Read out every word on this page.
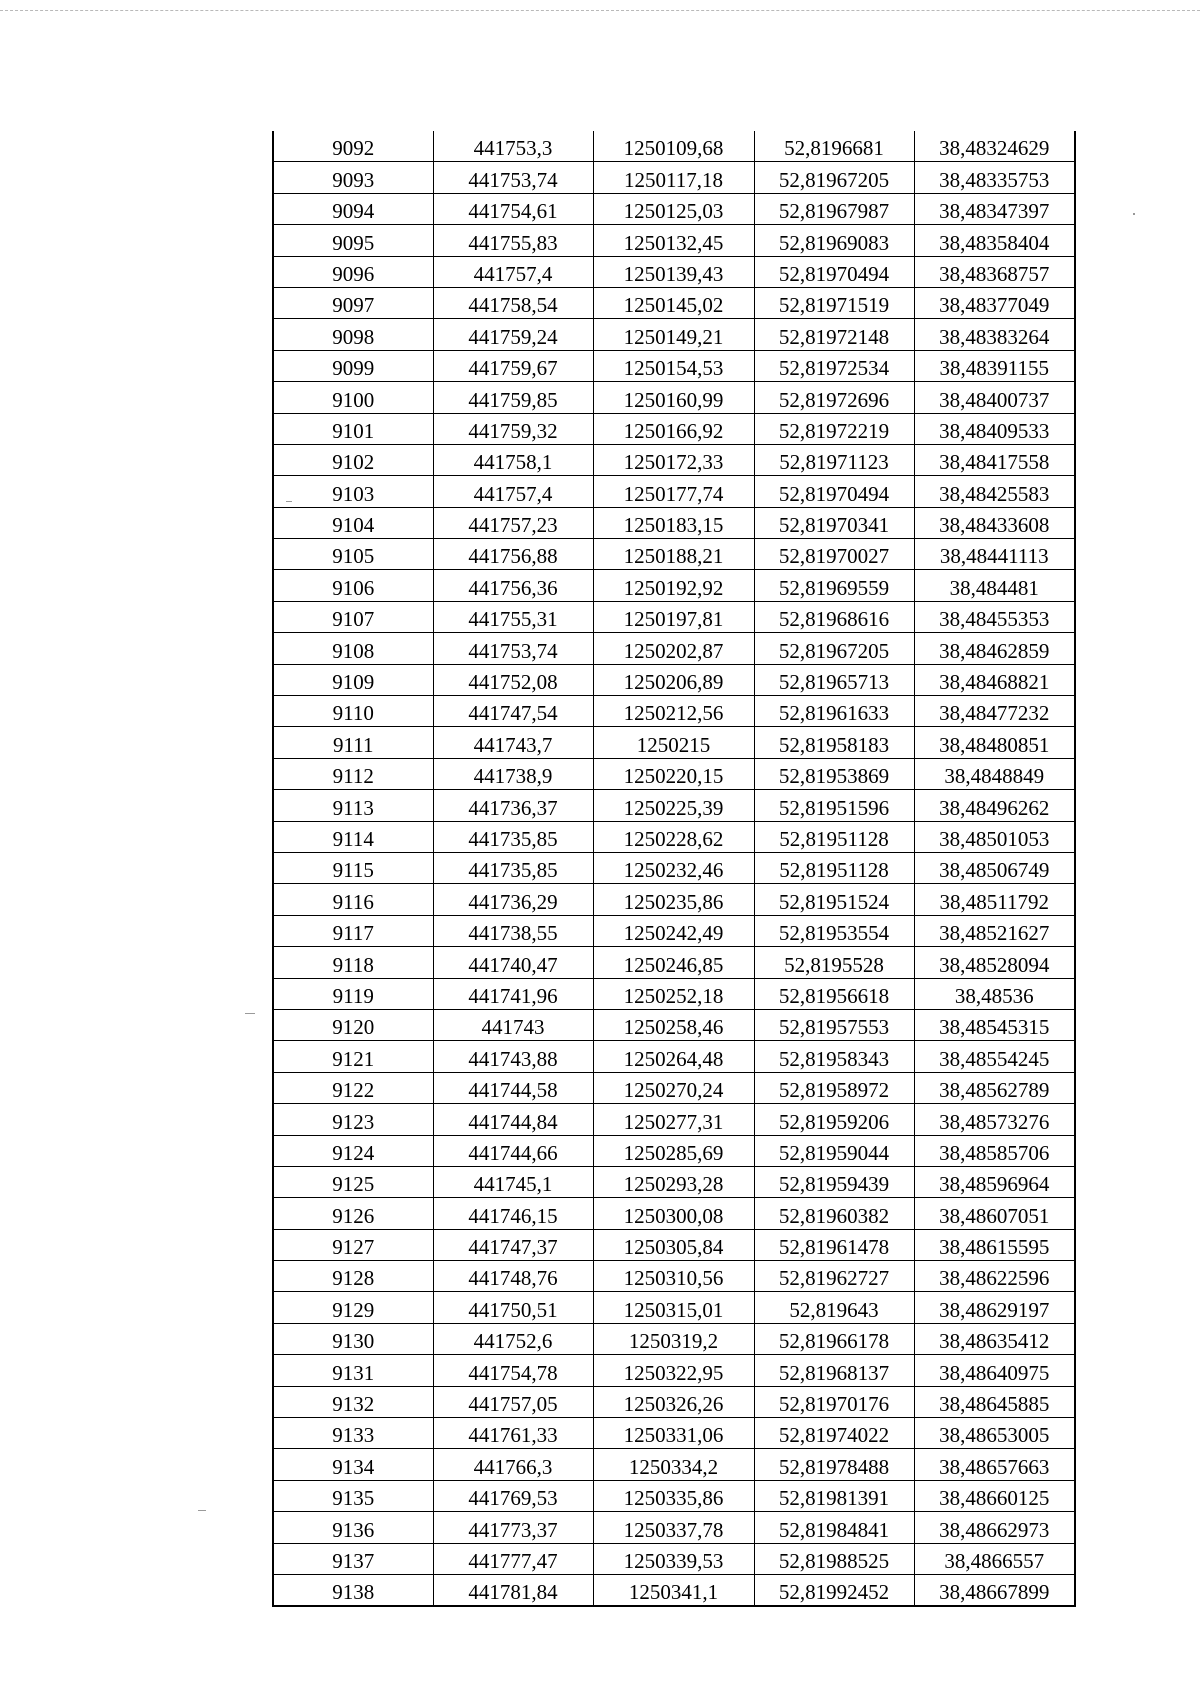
9092	441753,3	1250109,68	52,8196681	38,48324629
9093	441753,74	1250117,18	52,81967205	38,48335753
9094	441754,61	1250125,03	52,81967987	38,48347397
9095	441755,83	1250132,45	52,81969083	38,48358404
9096	441757,4	1250139,43	52,81970494	38,48368757
9097	441758,54	1250145,02	52,81971519	38,48377049
9098	441759,24	1250149,21	52,81972148	38,48383264
9099	441759,67	1250154,53	52,81972534	38,48391155
9100	441759,85	1250160,99	52,81972696	38,48400737
9101	441759,32	1250166,92	52,81972219	38,48409533
9102	441758,1	1250172,33	52,81971123	38,48417558
9103	441757,4	1250177,74	52,81970494	38,48425583
9104	441757,23	1250183,15	52,81970341	38,48433608
9105	441756,88	1250188,21	52,81970027	38,48441113
9106	441756,36	1250192,92	52,81969559	38,484481
9107	441755,31	1250197,81	52,81968616	38,48455353
9108	441753,74	1250202,87	52,81967205	38,48462859
9109	441752,08	1250206,89	52,81965713	38,48468821
9110	441747,54	1250212,56	52,81961633	38,48477232
9111	441743,7	1250215	52,81958183	38,48480851
9112	441738,9	1250220,15	52,81953869	38,4848849
9113	441736,37	1250225,39	52,81951596	38,48496262
9114	441735,85	1250228,62	52,81951128	38,48501053
9115	441735,85	1250232,46	52,81951128	38,48506749
9116	441736,29	1250235,86	52,81951524	38,48511792
9117	441738,55	1250242,49	52,81953554	38,48521627
9118	441740,47	1250246,85	52,8195528	38,48528094
9119	441741,96	1250252,18	52,81956618	38,48536
9120	441743	1250258,46	52,81957553	38,48545315
9121	441743,88	1250264,48	52,81958343	38,48554245
9122	441744,58	1250270,24	52,81958972	38,48562789
9123	441744,84	1250277,31	52,81959206	38,48573276
9124	441744,66	1250285,69	52,81959044	38,48585706
9125	441745,1	1250293,28	52,81959439	38,48596964
9126	441746,15	1250300,08	52,81960382	38,48607051
9127	441747,37	1250305,84	52,81961478	38,48615595
9128	441748,76	1250310,56	52,81962727	38,48622596
9129	441750,51	1250315,01	52,819643	38,48629197
9130	441752,6	1250319,2	52,81966178	38,48635412
9131	441754,78	1250322,95	52,81968137	38,48640975
9132	441757,05	1250326,26	52,81970176	38,48645885
9133	441761,33	1250331,06	52,81974022	38,48653005
9134	441766,3	1250334,2	52,81978488	38,48657663
9135	441769,53	1250335,86	52,81981391	38,48660125
9136	441773,37	1250337,78	52,81984841	38,48662973
9137	441777,47	1250339,53	52,81988525	38,4866557
9138	441781,84	1250341,1	52,81992452	38,48667899
